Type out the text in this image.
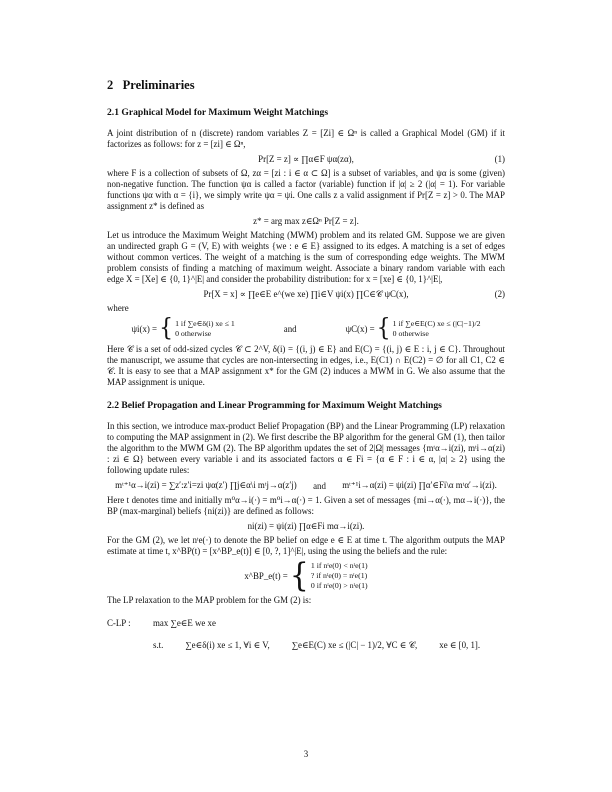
2 Preliminaries
2.1 Graphical Model for Maximum Weight Matchings

A joint distribution of n (discrete) random variables Z = [Zi] ∈ Ωⁿ is called a Graphical Model (GM) if it factorizes as follows: for z = [zi] ∈ Ωⁿ,

Pr[Z = z] ∝ ∏α∈F ψα(zα),	(1)

where F is a collection of subsets of Ω, zα = [zi : i ∈ α ⊂ Ω] is a subset of variables, and ψα is some (given) non-negative function. The function ψα is called a factor (variable) function if |α| ≥ 2 (|α| = 1). For variable functions ψα with α = {i}, we simply write ψα = ψi. One calls z a valid assignment if Pr[Z = z] > 0. The MAP assignment z* is defined as

z* = arg max z∈Ωⁿ Pr[Z = z].

Let us introduce the Maximum Weight Matching (MWM) problem and its related GM. Suppose we are given an undirected graph G = (V, E) with weights {we : e ∈ E} assigned to its edges. A matching is a set of edges without common vertices. The weight of a matching is the sum of corresponding edge weights. The MWM problem consists of finding a matching of maximum weight. Associate a binary random variable with each edge X = [Xe] ∈ {0, 1}^|E| and consider the probability distribution: for x = [xe] ∈ {0, 1}^|E|,

Pr[X = x] ∝ ∏e∈E e^(we xe) ∏i∈V ψi(x) ∏C∈𝒞 ψC(x),	(2)

where

ψi(x) = { 1 if ∑e∈δ(i) xe ≤ 1
0 otherwise	and	ψC(x) = { 1 if ∑e∈E(C) xe ≤ (|C|−1)/2
0 otherwise

Here 𝒞 is a set of odd-sized cycles 𝒞 ⊂ 2^V, δ(i) = {(i, j) ∈ E} and E(C) = {(i, j) ∈ E : i, j ∈ C}. Throughout the manuscript, we assume that cycles are non-intersecting in edges, i.e., E(C1) ∩ E(C2) = ∅ for all C1, C2 ∈ 𝒞. It is easy to see that a MAP assignment x* for the GM (2) induces a MWM in G. We also assume that the MAP assignment is unique.

2.2 Belief Propagation and Linear Programming for Maximum Weight Matchings

In this section, we introduce max-product Belief Propagation (BP) and the Linear Programming (LP) relaxation to computing the MAP assignment in (2). We first describe the BP algorithm for the general GM (1), then tailor the algorithm to the MWM GM (2). The BP algorithm updates the set of 2|Ω| messages {mᵗα→i(zi), mᵗi→α(zi) : zi ∈ Ω} between every variable i and its associated factors α ∈ Fi = {α ∈ F : i ∈ α, |α| ≥ 2} using the following update rules:

mᵗ⁺¹α→i(zi) = ∑z′:z′i=zi ψα(z′) ∏j∈α\i mᵗj→α(z′j) and mᵗ⁺¹i→α(zi) = ψi(zi) ∏α′∈Fi\α mᵗα′→i(zi).

Here t denotes time and initially m⁰α→i(·) = m⁰i→α(·) = 1. Given a set of messages {mi→α(·), mα→i(·)}, the BP (max-marginal) beliefs {ni(zi)} are defined as follows:

ni(zi) = ψi(zi) ∏α∈Fi mα→i(zi).

For the GM (2), we let nᵗe(·) to denote the BP belief on edge e ∈ E at time t. The algorithm outputs the MAP estimate at time t, x^BP(t) = [x^BP_e(t)] ∈ [0, ?, 1]^|E|, using the using the beliefs and the rule:

x^BP_e(t) = { 1 if nᵗe(0) < nᵗe(1)
? if nᵗe(0) = nᵗe(1)
0 if nᵗe(0) > nᵗe(1)

The LP relaxation to the MAP problem for the GM (2) is:

C-LP :	max ∑e∈E we xe
s.t. ∑e∈δ(i) xe ≤ 1, ∀i ∈ V, ∑e∈E(C) xe ≤ (|C| − 1)/2, ∀C ∈ 𝒞, xe ∈ [0, 1].
3
